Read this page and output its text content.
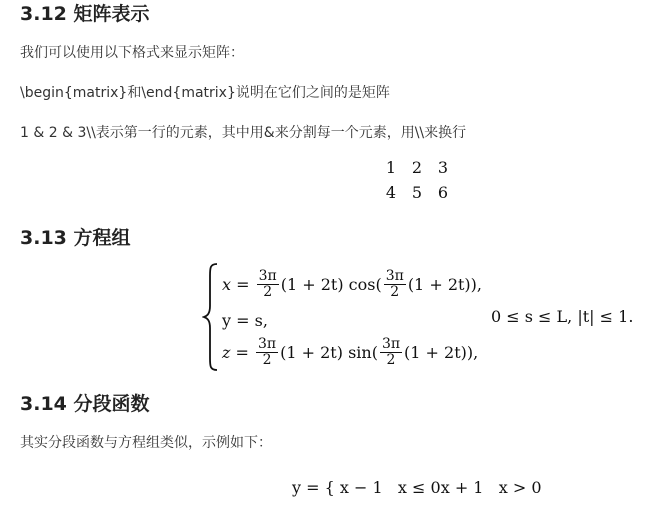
3.12 矩阵表示

我们可以使用以下格式来显示矩阵：

\begin{matrix}和\end{matrix}说明在它们之间的是矩阵

1 & 2 & 3\\表示第一行的元素，其中用&来分割每一个元素，用\\来换行

1 2 3
4 5 6
3.13 方程组
$x = \frac{3\pi}{2} (1 + 2t)$ $\cos( \frac{3\pi}{2} (1 + 2t))$,
y = s,
$z = \frac{3\pi}{2} (1 + 2t)$ $\sin( \frac{3\pi}{2} (1 + 2t))$,
0 ≤ s ≤ L, |t| ≤ 1.
3.14 分段函数

其实分段函数与方程组类似，示例如下：

y = { x − 1   x ≤ 0x + 1   x > 0
